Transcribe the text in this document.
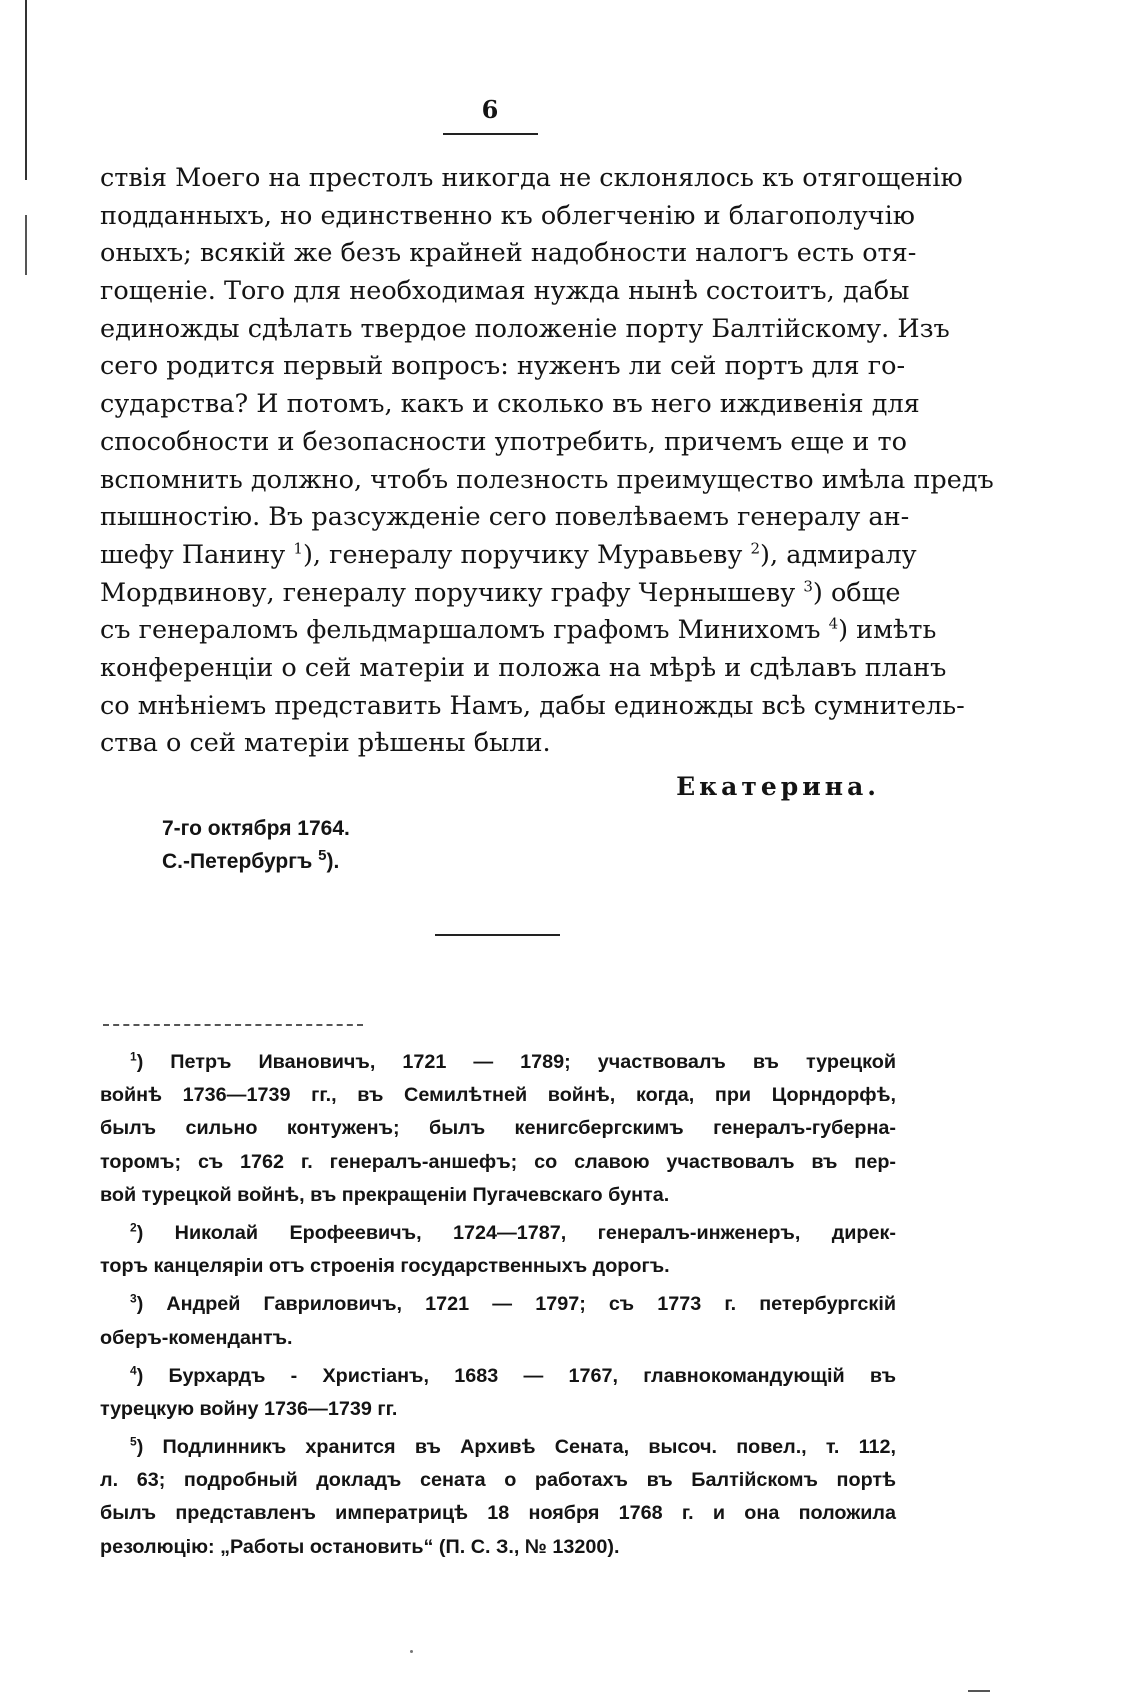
6
ствія Моего на престолъ никогда не склонялось къ отягощенію
подданныхъ, но единственно къ облегченію и благополучію
оныхъ; всякій же безъ крайней надобности налогъ есть отя-
гощеніе. Того для необходимая нужда нынѣ состоитъ, дабы
единожды сдѣлать твердое положеніе порту Балтійскому. Изъ
сего родится первый вопросъ: нуженъ ли сей портъ для го-
сударства? И потомъ, какъ и сколько въ него иждивенія для
способности и безопасности употребить, причемъ еще и то
вспомнить должно, чтобъ полезность преимущество имѣла предъ
пышностію. Въ разсужденіе сего повелѣваемъ генералу ан-
шефу Панину $^1$), генералу поручику Муравьеву $^2$), адмиралу
Мордвинову, генералу поручику графу Чернышеву $^3$) обще
съ генераломъ фельдмаршаломъ графомъ Минихомъ $^4$) имѣть
конференціи о сей матеріи и положа на мѣрѣ и сдѣлавъ планъ
со мнѣніемъ представить Намъ, дабы единожды всѣ сумнитель-
ства о сей матеріи рѣшены были.
Екатерина.
7-го октября 1764.
С.-Петербургъ $^5$).
$^1$) Петръ Ивановичъ, 1721 — 1789; участвовалъ въ турецкой
войнѣ 1736—1739 гг., въ Семилѣтней войнѣ, когда, при Цорндорфѣ,
былъ сильно контуженъ; былъ кенигсбергскимъ генералъ-губерна-
торомъ; съ 1762 г. генералъ-аншефъ; со славою участвовалъ въ пер-
вой турецкой войнѣ, въ прекращеніи Пугачевскаго бунта.
$^2$) Николай Ерофеевичъ, 1724—1787, генералъ-инженеръ, дирек-
торъ канцеляріи отъ строенія государственныхъ дорогъ.
$^3$) Андрей Гавриловичъ, 1721 — 1797; съ 1773 г. петербургскій
оберъ-комендантъ.
$^4$) Бурхардъ - Христіанъ, 1683 — 1767, главнокомандующій въ
турецкую войну 1736—1739 гг.
$^5$) Подлинникъ хранится въ Архивѣ Сената, высоч. повел., т. 112,
л. 63; подробный докладъ сената о работахъ въ Балтійскомъ портѣ
былъ представленъ императрицѣ 18 ноября 1768 г. и она положила
резолюцію: „Работы остановить“ (П. С. З., № 13200).
